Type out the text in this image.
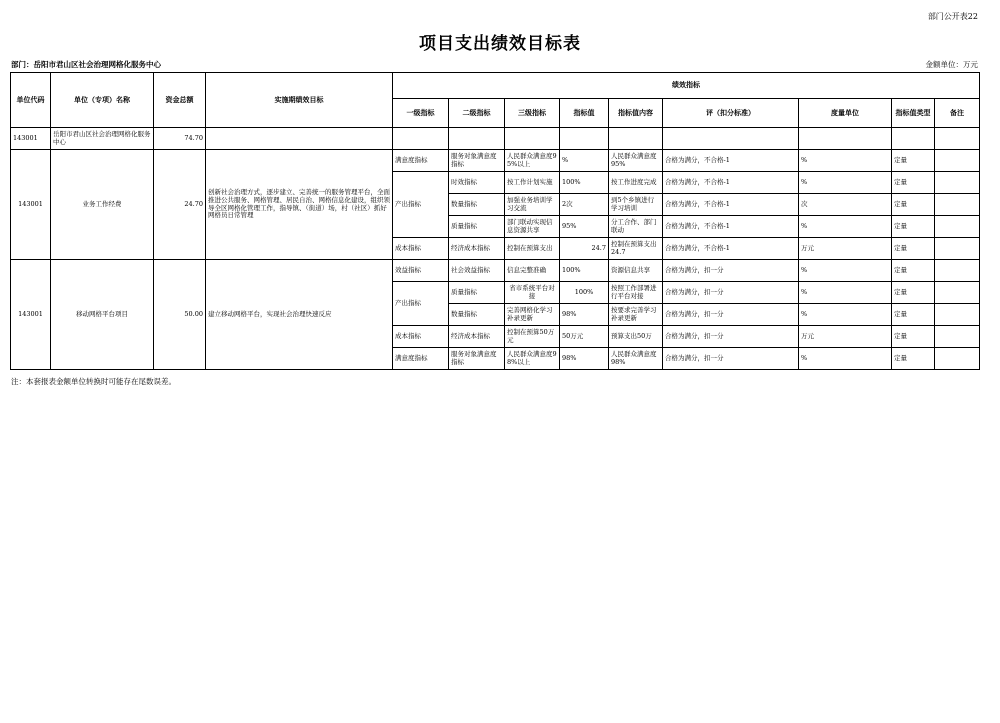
部门公开表22
项目支出绩效目标表
部门：岳阳市君山区社会治理网格化服务中心	金额单位：万元
单位代码	单位（专项）名称	资金总额	实施期绩效目标	绩效指标								
				一级指标	二级指标	三级指标	指标值	指标值内容	评（扣分标准）	度量单位	指标值类型	备注
143001	岳阳市君山区社会治理网格化服务中心	74.70										
143001	业务工作经费	24.70	创新社会治理方式，逐步建立、完善统一的服务管理平台，全面推进公共服务、网格管理、居民自治、网格信息化建设，组织领导全区网格化管理工作，指导镇、（街道）场，村（社区）抓好网格员日常管理	满意度指标	服务对象满意度指标	人民群众满意度95%以上	%	人民群众满意度95%	合格为满分，不合格-1	%	定量	
				产出指标	时效指标	按工作计划实施	100%	按工作进度完成	合格为满分，不合格-1	%	定量	
					数量指标	加强业务培训学习交流	2次	到5个乡镇进行学习培训	合格为满分，不合格-1	次	定量	
					质量指标	部门联动实现信息资源共享	95%	分工合作、部门联动	合格为满分，不合格-1	%	定量	
				成本指标	经济成本指标	控制在预算支出	24.7	控制在预算支出24.7	合格为满分，不合格-1	万元	定量	
143001	移动网格平台项目	50.00	建立移动网格平台，实现社会治理快速反应	效益指标	社会效益指标	信息完整准确	100%	资源信息共享	合格为满分，扣一分	%	定量	
				产出指标	质量指标	省市系统平台对接	100%	按照工作部署进行平台对接	合格为满分，扣一分	%	定量	
					数量指标	完善网格化学习补录更新	98%	按要求完善学习补录更新	合格为满分，扣一分	%	定量	
				成本指标	经济成本指标	控制在预算50万元	50万元	预算支出50万	合格为满分，扣一分	万元	定量	
				满意度指标	服务对象满意度指标	人民群众满意度98%以上	98%	人民群众满意度98%	合格为满分，扣一分	%	定量	
注：本套报表金额单位转换时可能存在尾数误差。
